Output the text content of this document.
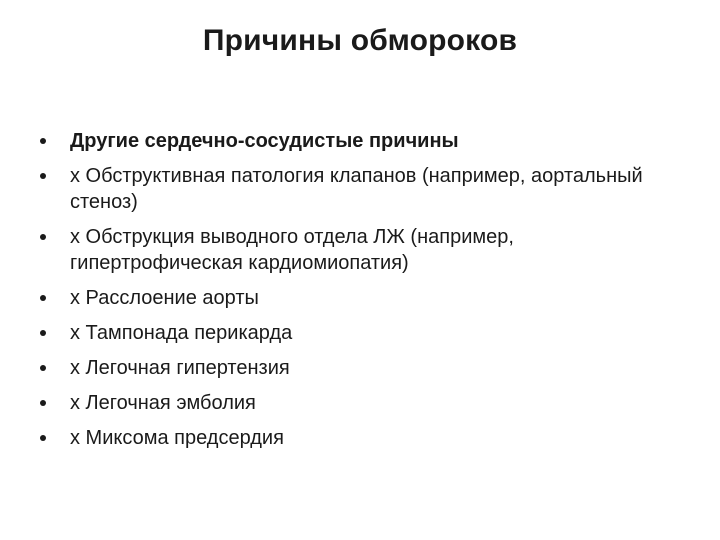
Причины обмороков
Другие сердечно-сосудистые причины
x Обструктивная патология клапанов (например, аортальный стеноз)
x Обструкция выводного отдела ЛЖ (например, гипертрофическая кардиомиопатия)
x Расслоение аорты
x Тампонада перикарда
x Легочная гипертензия
x Легочная эмболия
x Миксома предсердия
